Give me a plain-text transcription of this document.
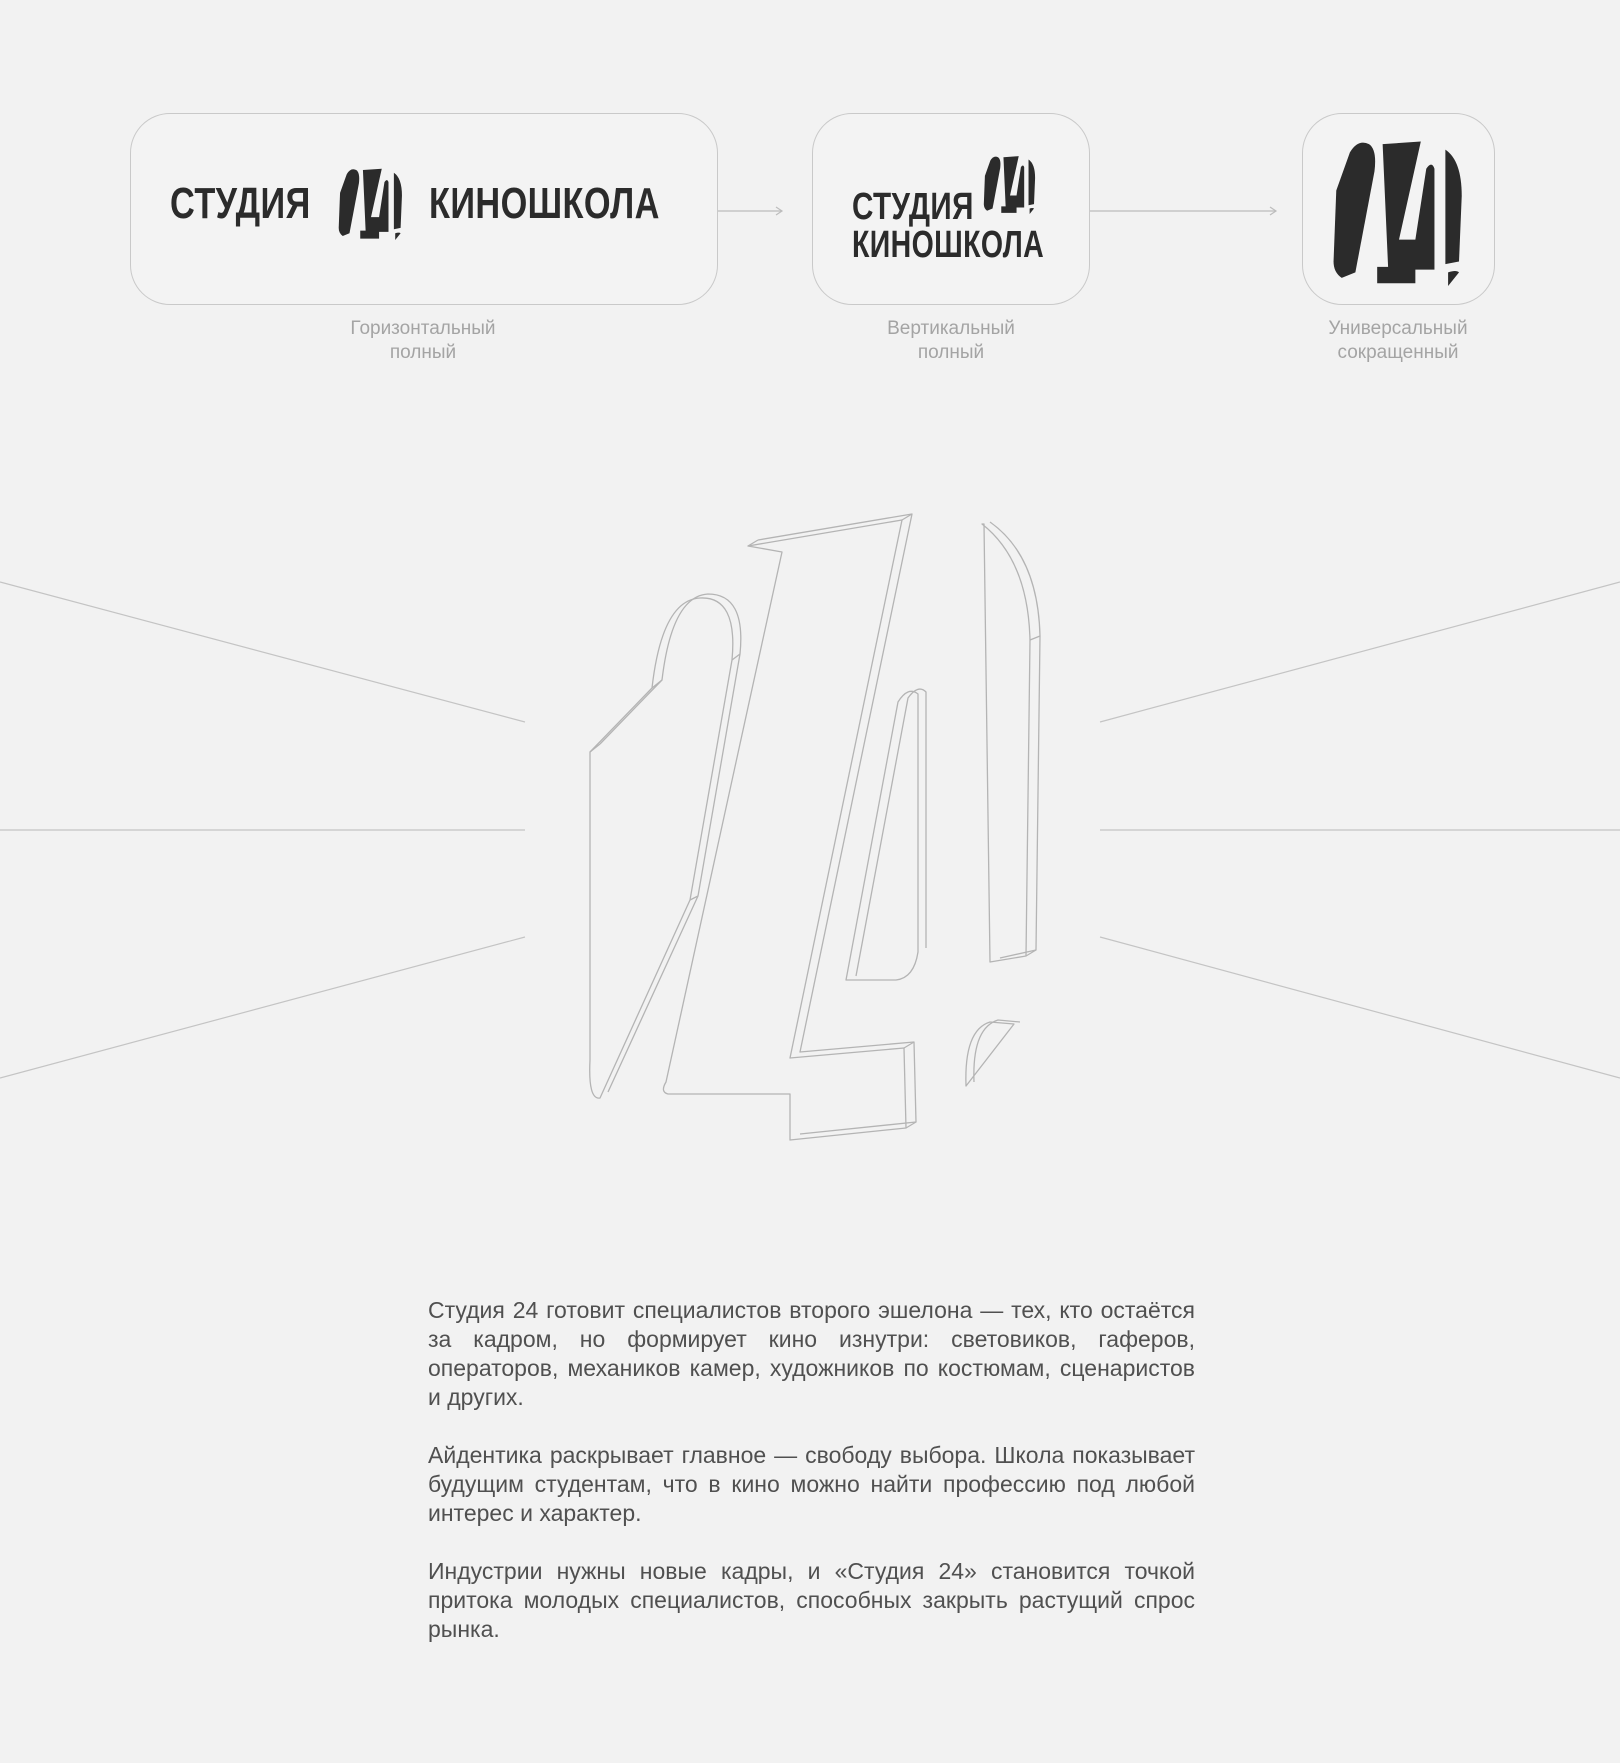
СТУДИЯ	КИНОШКОЛА
Горизонтальный
полный
СТУДИЯ
КИНОШКОЛА
Вертикальный
полный
Универсальный
сокращенный

Студия 24 готовит специалистов второго эшелона — тех, кто остаётся за кадром, но формирует кино изнутри: световиков, гаферов, операторов, механиков камер, художников по костюмам, сценаристов и других.

Айдентика раскрывает главное — свободу выбора. Школа показывает будущим студентам, что в кино можно найти профессию под любой интерес и характер.

Индустрии нужны новые кадры, и «Студия 24» становится точкой притока молодых специалистов, способных закрыть растущий спрос рынка.
